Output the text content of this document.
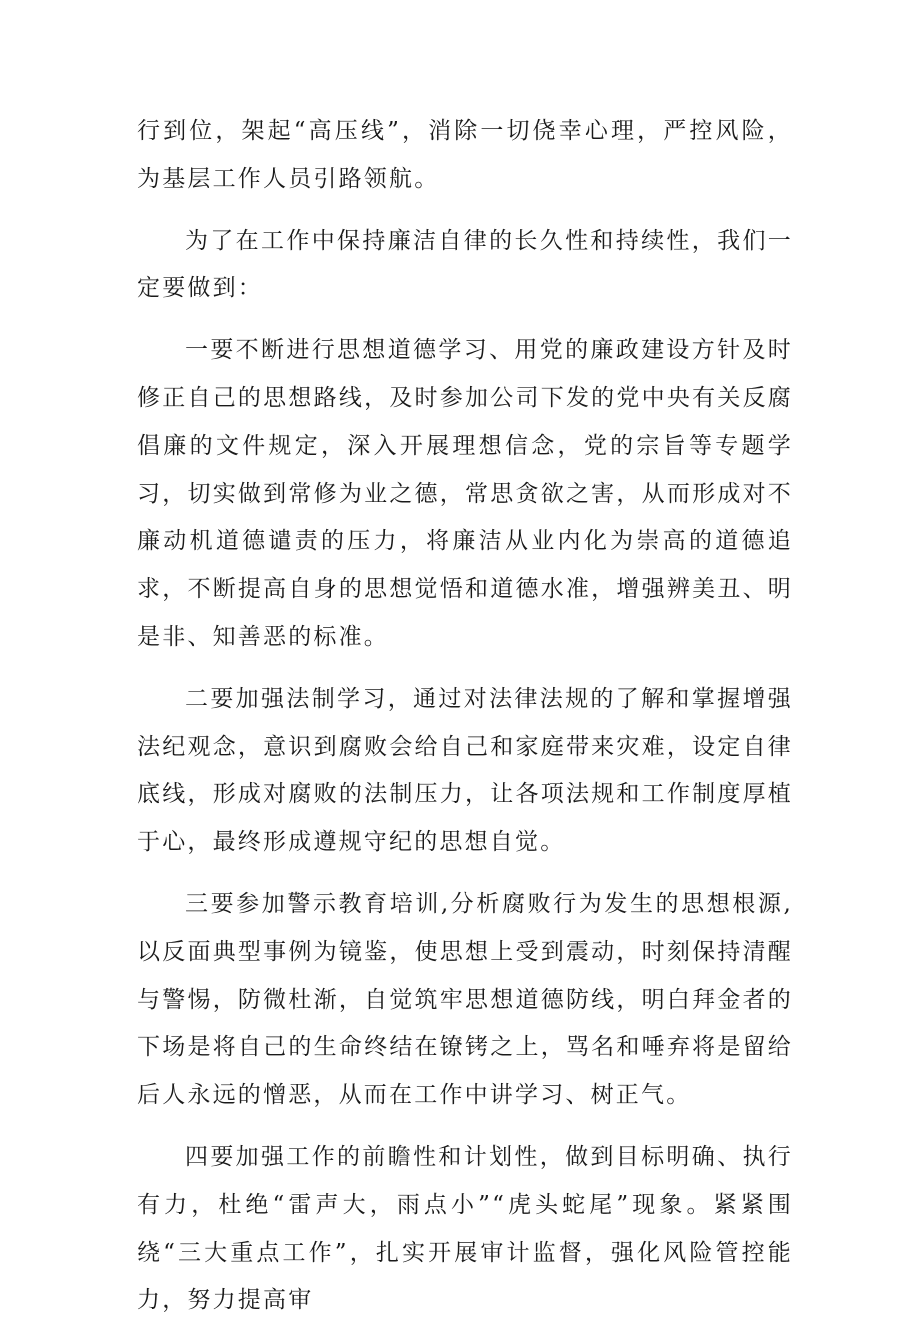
行到位，架起“高压线”，消除一切侥幸心理，严控风险，为基层工作人员引路领航。

为了在工作中保持廉洁自律的长久性和持续性，我们一定要做到：

一要不断进行思想道德学习、用党的廉政建设方针及时修正自己的思想路线，及时参加公司下发的党中央有关反腐倡廉的文件规定，深入开展理想信念，党的宗旨等专题学习，切实做到常修为业之德，常思贪欲之害，从而形成对不廉动机道德谴责的压力，将廉洁从业内化为崇高的道德追求，不断提高自身的思想觉悟和道德水准，增强辨美丑、明是非、知善恶的标准。

二要加强法制学习，通过对法律法规的了解和掌握增强法纪观念，意识到腐败会给自己和家庭带来灾难，设定自律底线，形成对腐败的法制压力，让各项法规和工作制度厚植于心，最终形成遵规守纪的思想自觉。

三要参加警示教育培训,分析腐败行为发生的思想根源,以反面典型事例为镜鉴，使思想上受到震动，时刻保持清醒与警惕，防微杜渐，自觉筑牢思想道德防线，明白拜金者的下场是将自己的生命终结在镣铐之上，骂名和唾弃将是留给后人永远的憎恶，从而在工作中讲学习、树正气。

四要加强工作的前瞻性和计划性，做到目标明确、执行有力，杜绝“雷声大，雨点小”“虎头蛇尾”现象。紧紧围绕“三大重点工作”，扎实开展审计监督，强化风险管控能力，努力提高审
